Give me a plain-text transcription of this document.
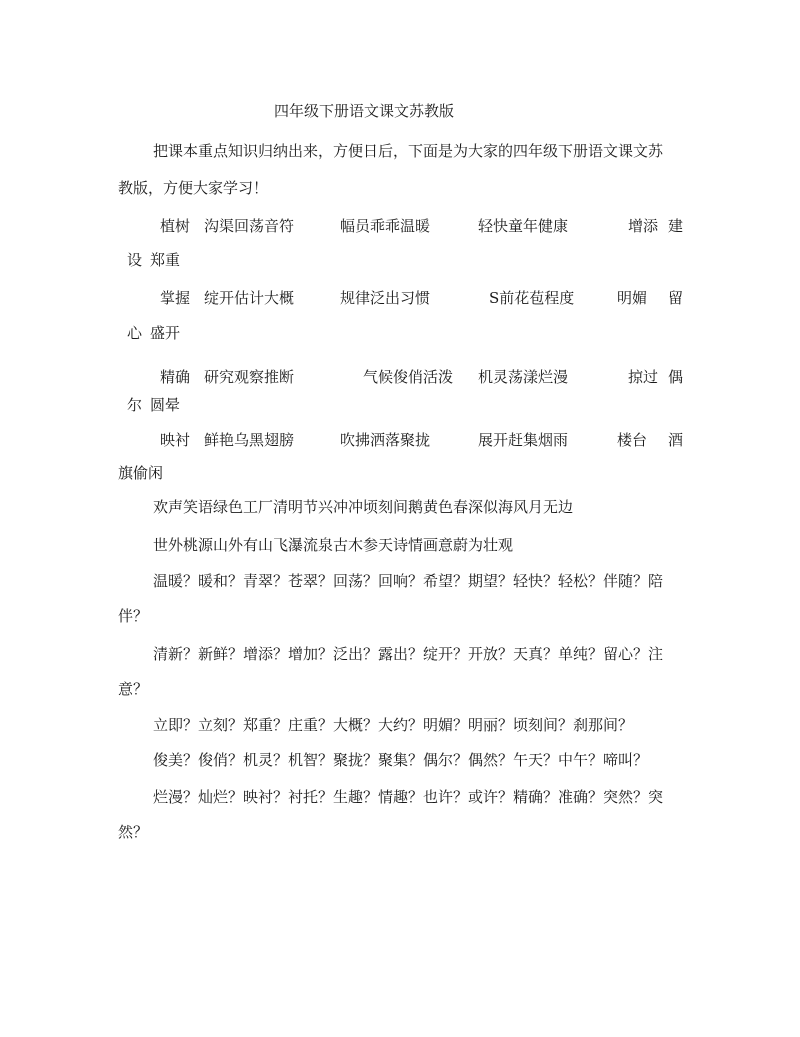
四年级下册语文课文苏教版
把课本重点知识归纳出来，方便日后，下面是为大家的四年级下册语文课文苏
教版，方便大家学习！
植树 沟渠回荡音符	幅员乖乖温暖	轻快童年健康	增添 建
设 郑重
掌握 绽开估计大概	规律泛出习惯	S前花苞程度	明媚 留
心 盛开
精确 研究观察推断	气候俊俏活泼 机灵荡漾烂漫	掠过 偶
尔 圆晕
映衬 鲜艳乌黑翅膀	吹拂洒落聚拢	展开赶集烟雨	楼台 酒
旗偷闲
欢声笑语绿色工厂清明节兴冲冲顷刻间鹅黄色春深似海风月无边
世外桃源山外有山飞瀑流泉古木参天诗情画意蔚为壮观
温暖？暖和？青翠？苍翠？回荡？回响？希望？期望？轻快？轻松？伴随？陪
伴？
清新？新鲜？增添？增加？泛出？露出？绽开？开放？天真？单纯？留心？注
意？
立即？立刻？郑重？庄重？大概？大约？明媚？明丽？顷刻间？刹那间？
俊美？俊俏？机灵？机智？聚拢？聚集？偶尔？偶然？午天？中午？啼叫？
烂漫？灿烂？映衬？衬托？生趣？情趣？也许？或许？精确？准确？突然？突
然？
